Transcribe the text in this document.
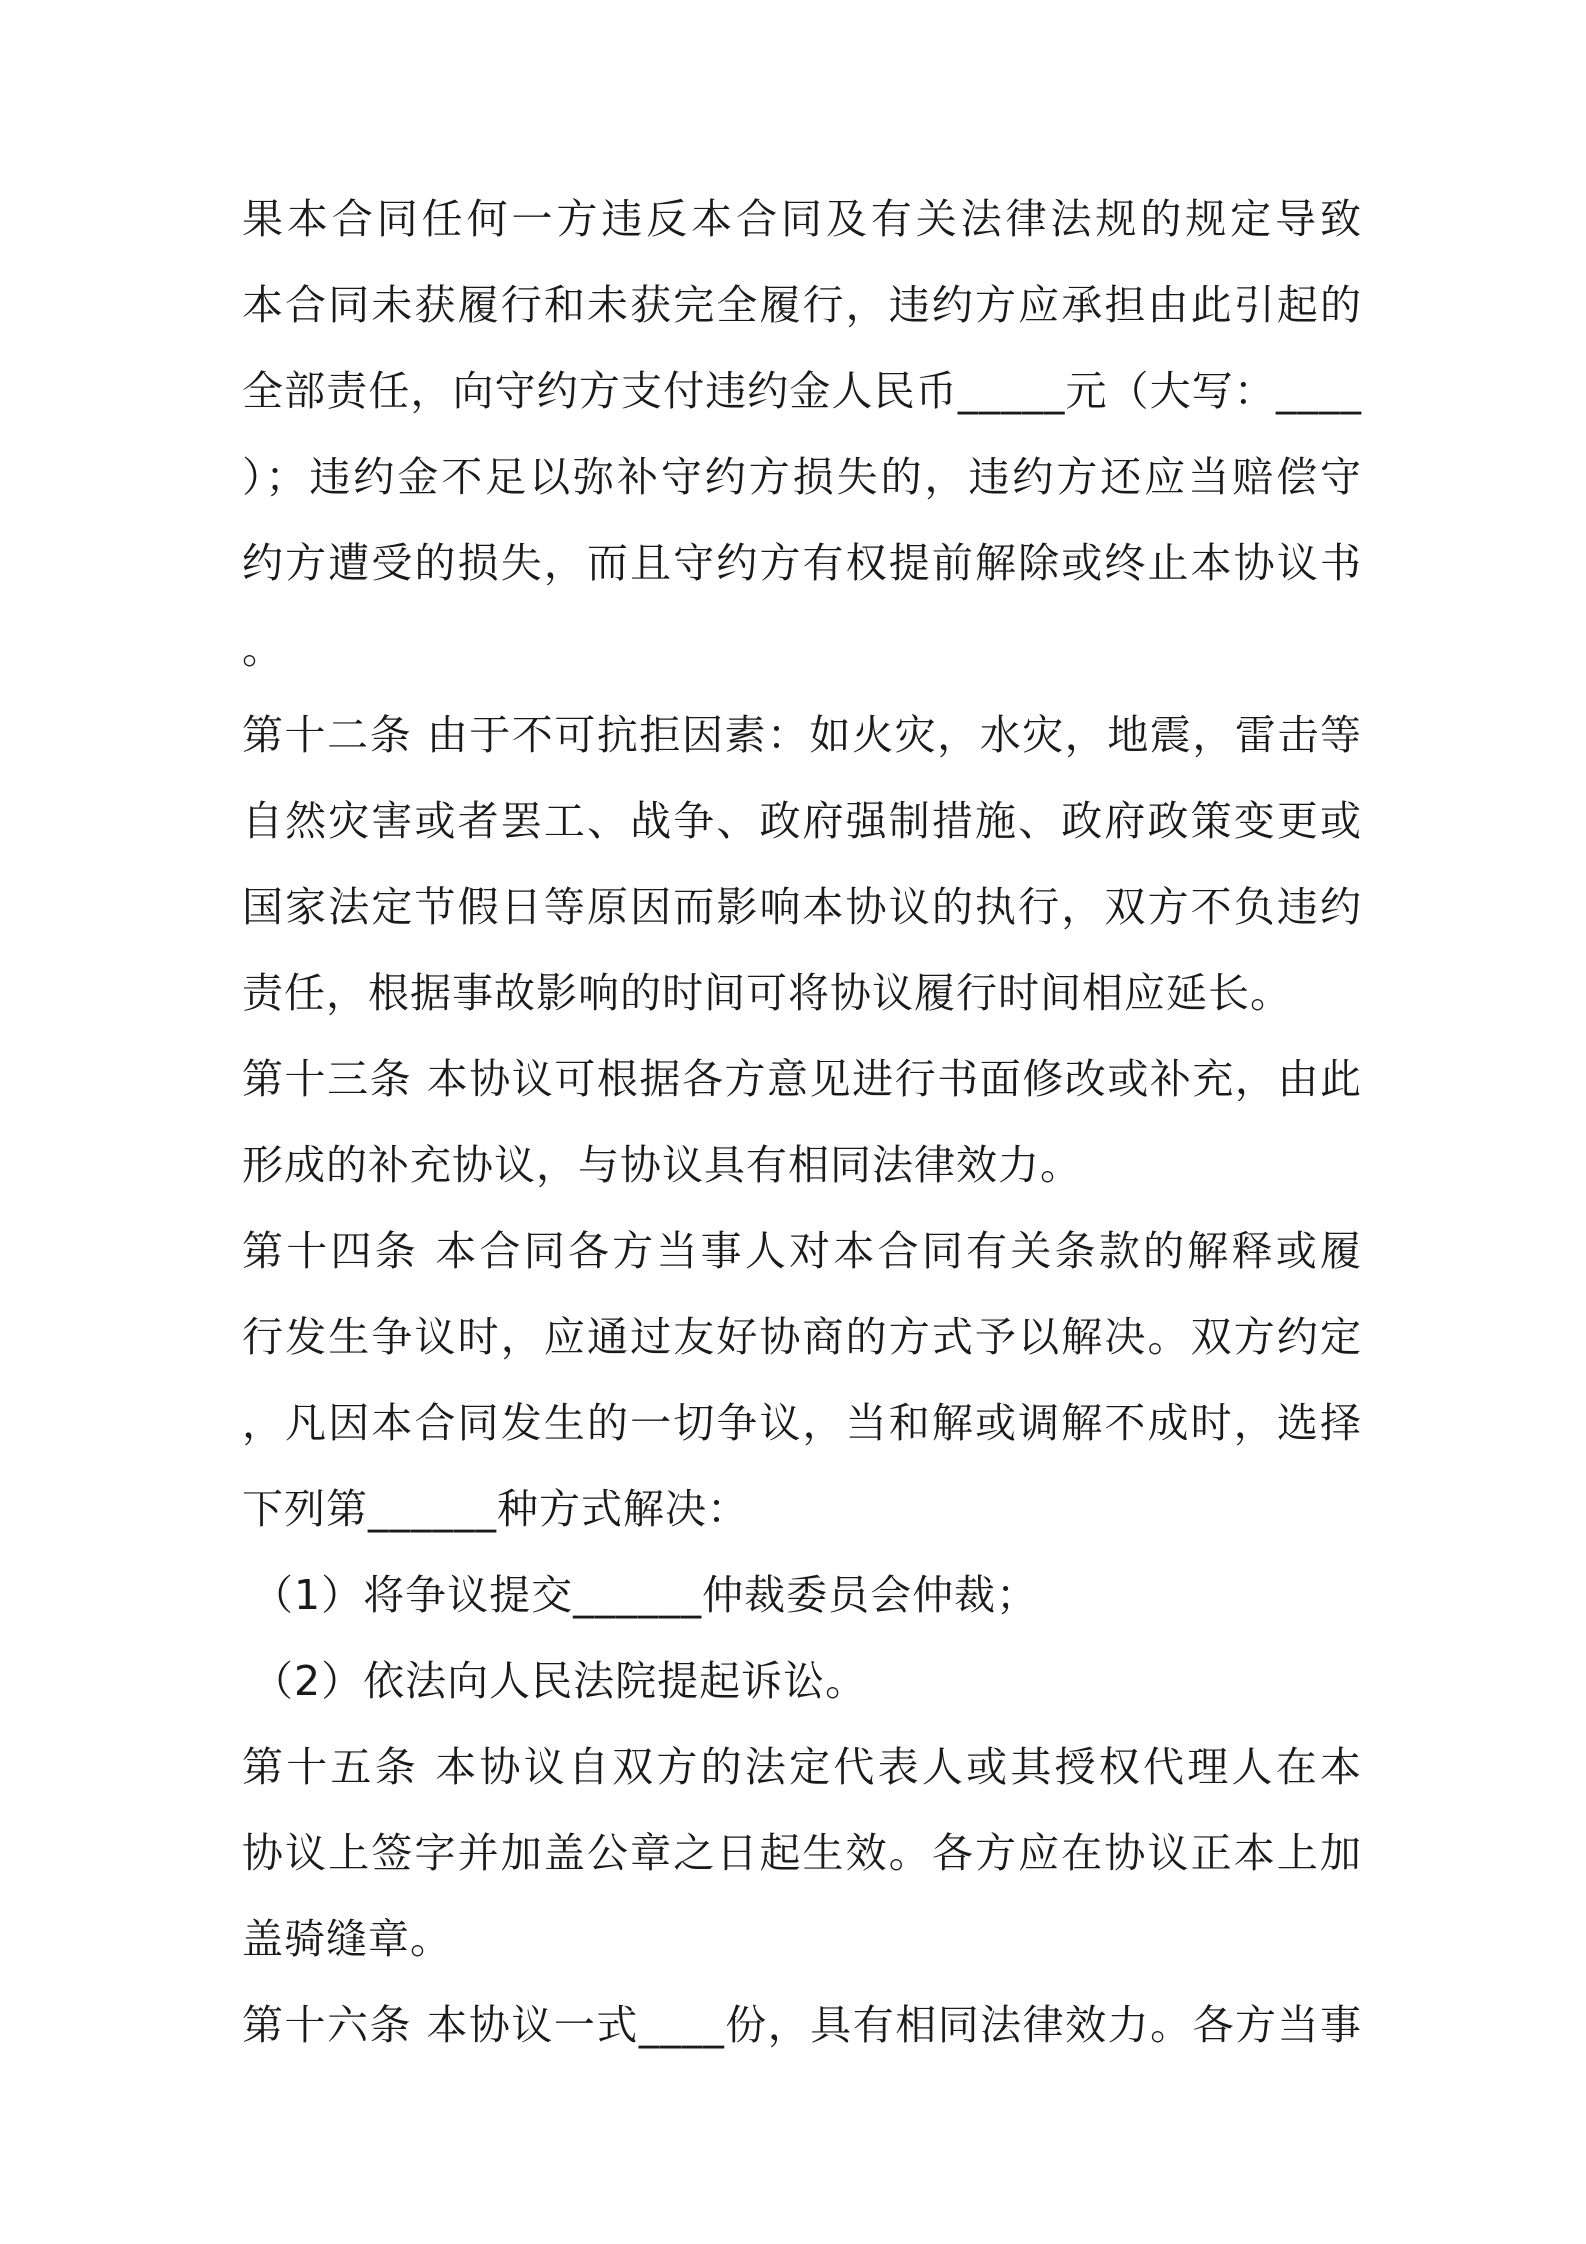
果本合同任何一方违反本合同及有关法律法规的规定导致
本合同未获履行和未获完全履行，违约方应承担由此引起的
全部责任，向守约方支付违约金人民币_____元（大写：____
）；违约金不足以弥补守约方损失的，违约方还应当赔偿守
约方遭受的损失，而且守约方有权提前解除或终止本协议书
。
第十二条 由于不可抗拒因素：如火灾，水灾，地震，雷击等
自然灾害或者罢工、战争、政府强制措施、政府政策变更或
国家法定节假日等原因而影响本协议的执行，双方不负违约
责任，根据事故影响的时间可将协议履行时间相应延长。
第十三条 本协议可根据各方意见进行书面修改或补充，由此
形成的补充协议，与协议具有相同法律效力。
第十四条 本合同各方当事人对本合同有关条款的解释或履
行发生争议时，应通过友好协商的方式予以解决。双方约定
，凡因本合同发生的一切争议，当和解或调解不成时，选择
下列第______种方式解决：
（1）将争议提交______仲裁委员会仲裁；
（2）依法向人民法院提起诉讼。
第十五条 本协议自双方的法定代表人或其授权代理人在本
协议上签字并加盖公章之日起生效。各方应在协议正本上加
盖骑缝章。
第十六条 本协议一式____份，具有相同法律效力。各方当事
